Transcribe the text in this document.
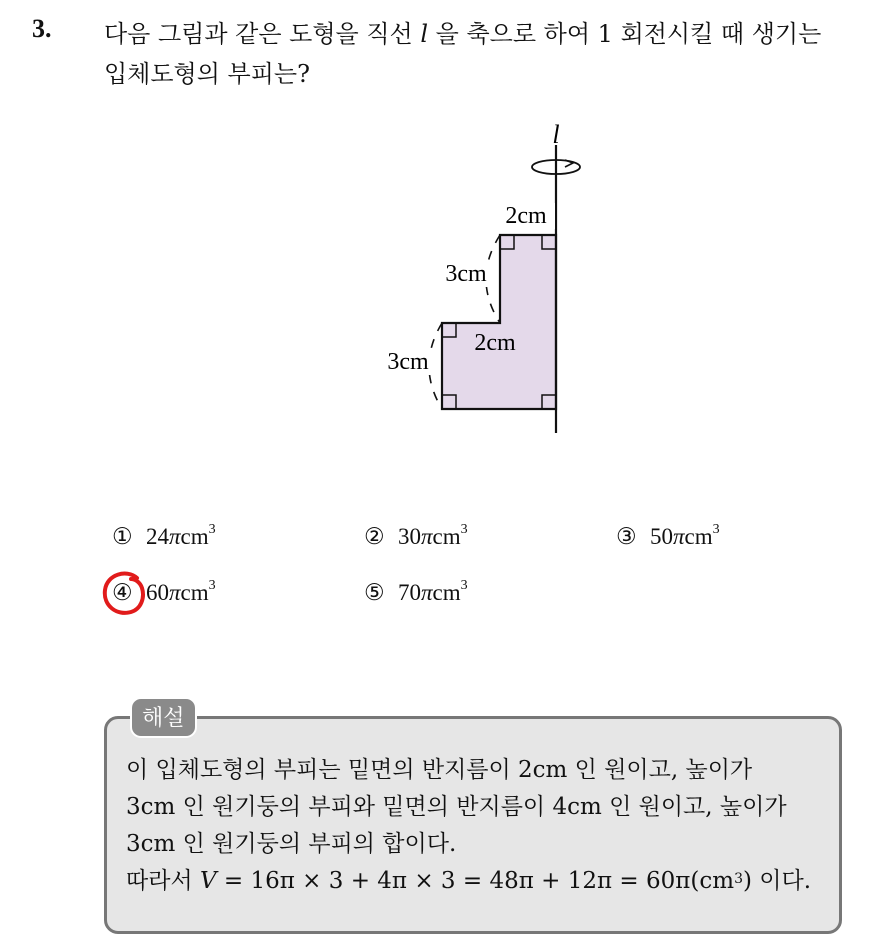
3. 다음 그림과 같은 도형을 직선 l 을 축으로 하여 1 회전시킬 때 생기는
입체도형의 부피는?
l
2cm
3cm
2cm
3cm
① 24πcm$^3$	② 30πcm$^3$	③ 50πcm$^3$
④ 60πcm$^3$	⑤ 70πcm$^3$
해설
이 입체도형의 부피는 밑면의 반지름이 2cm 인 원이고, 높이가
3cm 인 원기둥의 부피와 밑면의 반지름이 4cm 인 원이고, 높이가
3cm 인 원기둥의 부피의 합이다.
따라서 $V = 16\pi \times 3 + 4\pi \times 3 = 48\pi + 12\pi = 60\pi(cm^3)$ 이다.
